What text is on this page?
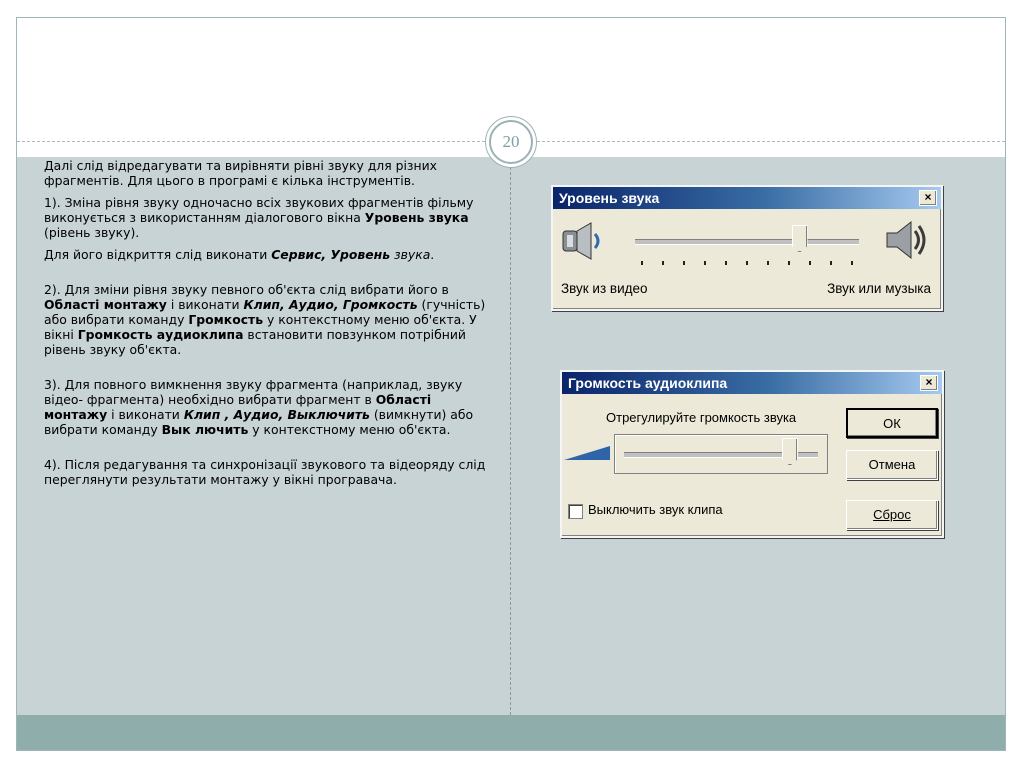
20

Далі слід відредагувати та вирівняти рівні звуку для різних фрагментів. Для цього в програмі є кілька інструментів.

1). Зміна рівня звуку одночасно всіх звукових фрагментів фільму виконується з використанням діалогового вікна Уровень звука (рівень звуку).

Для його відкриття слід виконати Сервис, Уровень звука.

2). Для зміни рівня звуку певного об'єкта слід вибрати його в Області монтажу і виконати Клип, Аудио, Громкость (гучність) або вибрати команду Громкость у контекстному меню об'єкта. У вікні Громкость аудиоклипа встановити повзунком потрібний рівень звуку об'єкта.

3). Для повного вимкнення звуку фрагмента (наприклад, звуку відео- фрагмента) необхідно вибрати фрагмент в Області монтажу і виконати Клип , Аудио, Выключить (вимкнути) або вибрати команду Вык лючить у контекстному меню об'єкта.

4). Після редагування та синхронізації звукового та відеоряду слід переглянути результати монтажу у вікні програвача.

Уровень звука	×
Звук из видео	Звук или музыка
Громкость аудиоклипа	×
Отрегулируйте громкость звука	ОК
Отмена
Сброс
Выключить звук клипа
